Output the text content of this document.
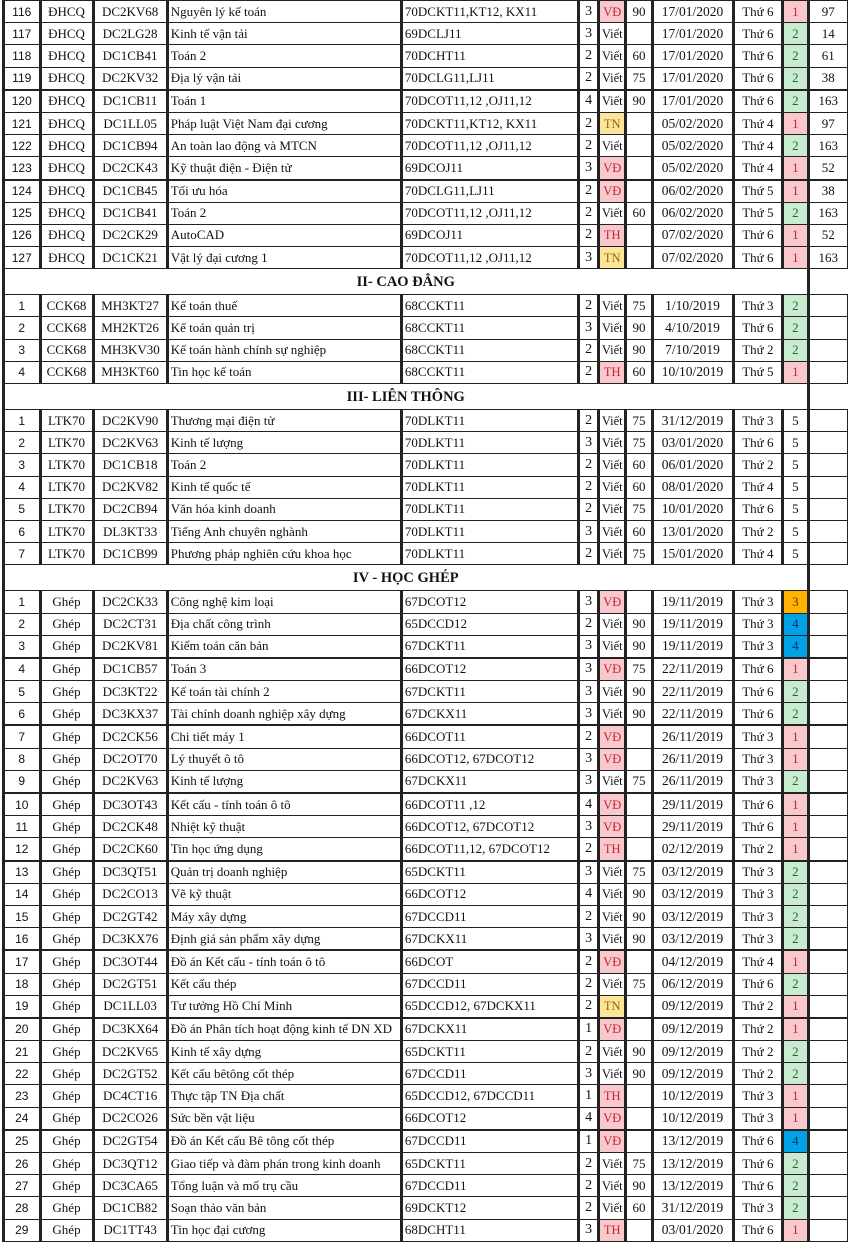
116	ĐHCQ	DC2KV68	Nguyên lý kế toán	70DCKT11,KT12, KX11	3	VĐ	90	17/01/2020	Thứ 6	1	97
117	ĐHCQ	DC2LG28	Kinh tế vận tải	69DCLJ11	3	Viết		17/01/2020	Thứ 6	2	14
118	ĐHCQ	DC1CB41	Toán 2	70DCHT11	2	Viết	60	17/01/2020	Thứ 6	2	61
119	ĐHCQ	DC2KV32	Địa lý vận tải	70DCLG11,LJ11	2	Viết	75	17/01/2020	Thứ 6	2	38
120	ĐHCQ	DC1CB11	Toán 1	70DCOT11,12 ,OJ11,12	4	Viết	90	17/01/2020	Thứ 6	2	163
121	ĐHCQ	DC1LL05	Pháp luật Việt Nam đại cương	70DCKT11,KT12, KX11	2	TN		05/02/2020	Thứ 4	1	97
122	ĐHCQ	DC1CB94	An toàn lao động và MTCN	70DCOT11,12 ,OJ11,12	2	Viết		05/02/2020	Thứ 4	2	163
123	ĐHCQ	DC2CK43	Kỹ thuật điện - Điện tử	69DCOJ11	3	VĐ		05/02/2020	Thứ 4	1	52
124	ĐHCQ	DC1CB45	Tối ưu hóa	70DCLG11,LJ11	2	VĐ		06/02/2020	Thứ 5	1	38
125	ĐHCQ	DC1CB41	Toán 2	70DCOT11,12 ,OJ11,12	2	Viết	60	06/02/2020	Thứ 5	2	163
126	ĐHCQ	DC2CK29	AutoCAD	69DCOJ11	2	TH		07/02/2020	Thứ 6	1	52
127	ĐHCQ	DC1CK21	Vật lý đại cương 1	70DCOT11,12 ,OJ11,12	3	TN		07/02/2020	Thứ 6	1	163
II- CAO ĐẲNG											
1	CCK68	MH3KT27	Kế toán thuế	68CCKT11	2	Viết	75	1/10/2019	Thứ 3	2	
2	CCK68	MH2KT26	Kế toán quản trị	68CCKT11	3	Viết	90	4/10/2019	Thứ 6	2	
3	CCK68	MH3KV30	Kế toán hành chính sự nghiệp	68CCKT11	2	Viết	90	7/10/2019	Thứ 2	2	
4	CCK68	MH3KT60	Tin học kế toán	68CCKT11	2	TH	60	10/10/2019	Thứ 5	1	
III- LIÊN THÔNG											
1	LTK70	DC2KV90	Thương mại điện tử	70DLKT11	2	Viết	75	31/12/2019	Thứ 3	5	
2	LTK70	DC2KV63	Kinh tế lượng	70DLKT11	3	Viết	75	03/01/2020	Thứ 6	5	
3	LTK70	DC1CB18	Toán 2	70DLKT11	2	Viết	60	06/01/2020	Thứ 2	5	
4	LTK70	DC2KV82	Kinh tế quốc tế	70DLKT11	2	Viết	60	08/01/2020	Thứ 4	5	
5	LTK70	DC2CB94	Văn hóa kinh doanh	70DLKT11	2	Viết	75	10/01/2020	Thứ 6	5	
6	LTK70	DL3KT33	Tiếng Anh chuyên nghành	70DLKT11	3	Viết	60	13/01/2020	Thứ 2	5	
7	LTK70	DC1CB99	Phương pháp nghiên cứu khoa học	70DLKT11	2	Viết	75	15/01/2020	Thứ 4	5	
IV - HỌC GHÉP											
1	Ghép	DC2CK33	Công nghệ kim loại	67DCOT12	3	VĐ		19/11/2019	Thứ 3	3	
2	Ghép	DC2CT31	Địa chất công trình	65DCCD12	2	Viết	90	19/11/2019	Thứ 3	4	
3	Ghép	DC2KV81	Kiểm toán căn bản	67DCKT11	3	Viết	90	19/11/2019	Thứ 3	4	
4	Ghép	DC1CB57	Toán 3	66DCOT12	3	VĐ	75	22/11/2019	Thứ 6	1	
5	Ghép	DC3KT22	Kế toán tài chính 2	67DCKT11	3	Viết	90	22/11/2019	Thứ 6	2	
6	Ghép	DC3KX37	Tài chính doanh nghiệp xây dựng	67DCKX11	3	Viết	90	22/11/2019	Thứ 6	2	
7	Ghép	DC2CK56	Chi tiết máy 1	66DCOT11	2	VĐ		26/11/2019	Thứ 3	1	
8	Ghép	DC2OT70	Lý thuyết ô tô	66DCOT12, 67DCOT12	3	VĐ		26/11/2019	Thứ 3	1	
9	Ghép	DC2KV63	Kinh tế lượng	67DCKX11	3	Viết	75	26/11/2019	Thứ 3	2	
10	Ghép	DC3OT43	Kết cấu - tính toán ô tô	66DCOT11 ,12	4	VĐ		29/11/2019	Thứ 6	1	
11	Ghép	DC2CK48	Nhiệt kỹ thuật	66DCOT12, 67DCOT12	3	VĐ		29/11/2019	Thứ 6	1	
12	Ghép	DC2CK60	Tin học ứng dụng	66DCOT11,12, 67DCOT12	2	TH		02/12/2019	Thứ 2	1	
13	Ghép	DC3QT51	Quản trị doanh nghiệp	65DCKT11	3	Viết	75	03/12/2019	Thứ 3	2	
14	Ghép	DC2CO13	Vẽ kỹ thuật	66DCOT12	4	Viết	90	03/12/2019	Thứ 3	2	
15	Ghép	DC2GT42	Máy xây dựng	67DCCD11	2	Viết	90	03/12/2019	Thứ 3	2	
16	Ghép	DC3KX76	Định giá sản phẩm xây dựng	67DCKX11	3	Viết	90	03/12/2019	Thứ 3	2	
17	Ghép	DC3OT44	Đồ án Kết cấu - tính toán ô tô	66DCOT	2	VĐ		04/12/2019	Thứ 4	1	
18	Ghép	DC2GT51	Kết cấu thép	67DCCD11	2	Viết	75	06/12/2019	Thứ 6	2	
19	Ghép	DC1LL03	Tư tưởng Hồ Chí Minh	65DCCD12, 67DCKX11	2	TN		09/12/2019	Thứ 2	1	
20	Ghép	DC3KX64	Đồ án Phân tích hoạt động kinh tế DN XD	67DCKX11	1	VĐ		09/12/2019	Thứ 2	1	
21	Ghép	DC2KV65	Kinh tế xây dựng	65DCKT11	2	Viết	90	09/12/2019	Thứ 2	2	
22	Ghép	DC2GT52	Kết cấu bêtông cốt thép	67DCCD11	3	Viết	90	09/12/2019	Thứ 2	2	
23	Ghép	DC4CT16	Thực tập TN Địa chất	65DCCD12, 67DCCD11	1	TH		10/12/2019	Thứ 3	1	
24	Ghép	DC2CO26	Sức bền vật liệu	66DCOT12	4	VĐ		10/12/2019	Thứ 3	1	
25	Ghép	DC2GT54	Đồ án Kết cấu Bê tông cốt thép	67DCCD11	1	VĐ		13/12/2019	Thứ 6	4	
26	Ghép	DC3QT12	Giao tiếp và đàm phán trong kinh doanh	65DCKT11	2	Viết	75	13/12/2019	Thứ 6	2	
27	Ghép	DC3CA65	Tổng luận và mố trụ cầu	67DCCD11	2	Viết	90	13/12/2019	Thứ 6	2	
28	Ghép	DC1CB82	Soạn thảo văn bản	69DCKT12	2	Viết	60	31/12/2019	Thứ 3	2	
29	Ghép	DC1TT43	Tin học đại cương	68DCHT11	3	TH		03/01/2020	Thứ 6	1	
